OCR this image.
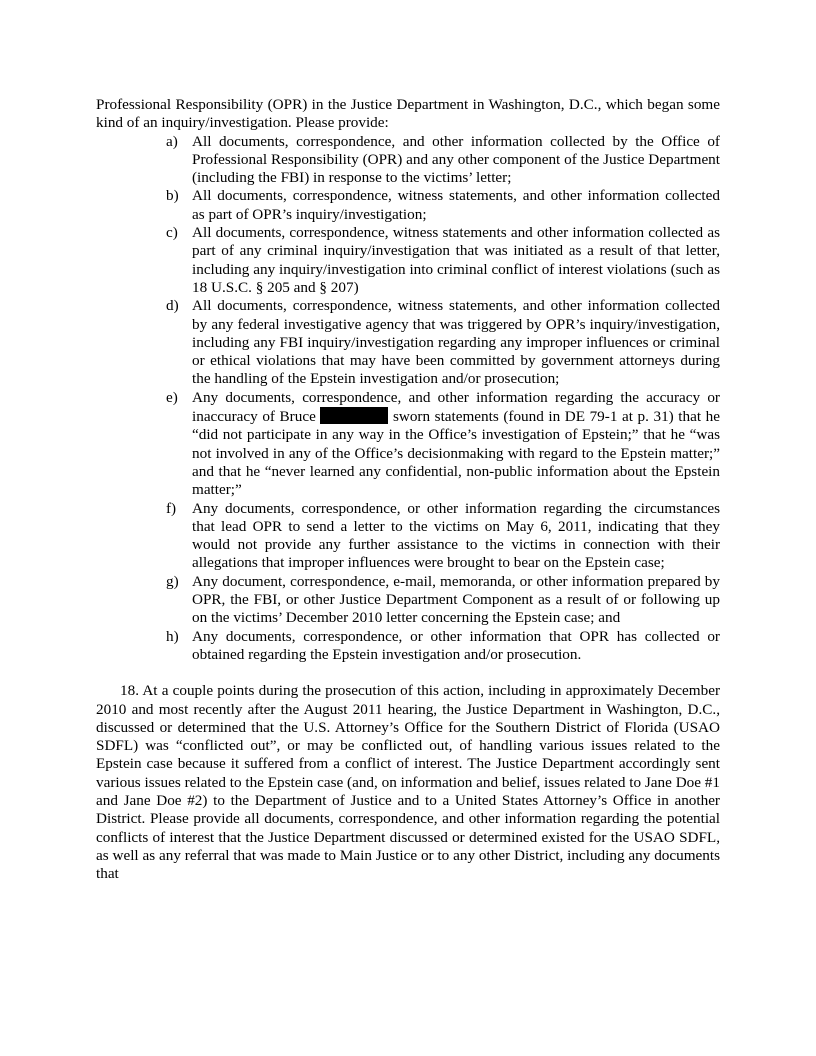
Professional Responsibility (OPR) in the Justice Department in Washington, D.C., which began some kind of an inquiry/investigation. Please provide:

a) All documents, correspondence, and other information collected by the Office of Professional Responsibility (OPR) and any other component of the Justice Department (including the FBI) in response to the victims’ letter;
b) All documents, correspondence, witness statements, and other information collected as part of OPR’s inquiry/investigation;
c) All documents, correspondence, witness statements and other information collected as part of any criminal inquiry/investigation that was initiated as a result of that letter, including any inquiry/investigation into criminal conflict of interest violations (such as 18 U.S.C. § 205 and § 207)
d) All documents, correspondence, witness statements, and other information collected by any federal investigative agency that was triggered by OPR’s inquiry/investigation, including any FBI inquiry/investigation regarding any improper influences or criminal or ethical violations that may have been committed by government attorneys during the handling of the Epstein investigation and/or prosecution;
e) Any documents, correspondence, and other information regarding the accuracy or inaccuracy of Bruce	sworn statements (found in DE 79-1 at p. 31) that he “did not participate in any way in the Office’s investigation of Epstein;” that he “was not involved in any of the Office’s decisionmaking with regard to the Epstein matter;” and that he “never learned any confidential, non-public information about the Epstein matter;”
f) Any documents, correspondence, or other information regarding the circumstances that lead OPR to send a letter to the victims on May 6, 2011, indicating that they would not provide any further assistance to the victims in connection with their allegations that improper influences were brought to bear on the Epstein case;
g) Any document, correspondence, e-mail, memoranda, or other information prepared by OPR, the FBI, or other Justice Department Component as a result of or following up on the victims’ December 2010 letter concerning the Epstein case; and
h) Any documents, correspondence, or other information that OPR has collected or obtained regarding the Epstein investigation and/or prosecution.

18. At a couple points during the prosecution of this action, including in approximately December 2010 and most recently after the August 2011 hearing, the Justice Department in Washington, D.C., discussed or determined that the U.S. Attorney’s Office for the Southern District of Florida (USAO SDFL) was “conflicted out”, or may be conflicted out, of handling various issues related to the Epstein case because it suffered from a conflict of interest. The Justice Department accordingly sent various issues related to the Epstein case (and, on information and belief, issues related to Jane Doe #1 and Jane Doe #2) to the Department of Justice and to a United States Attorney’s Office in another District. Please provide all documents, correspondence, and other information regarding the potential conflicts of interest that the Justice Department discussed or determined existed for the USAO SDFL, as well as any referral that was made to Main Justice or to any other District, including any documents that
